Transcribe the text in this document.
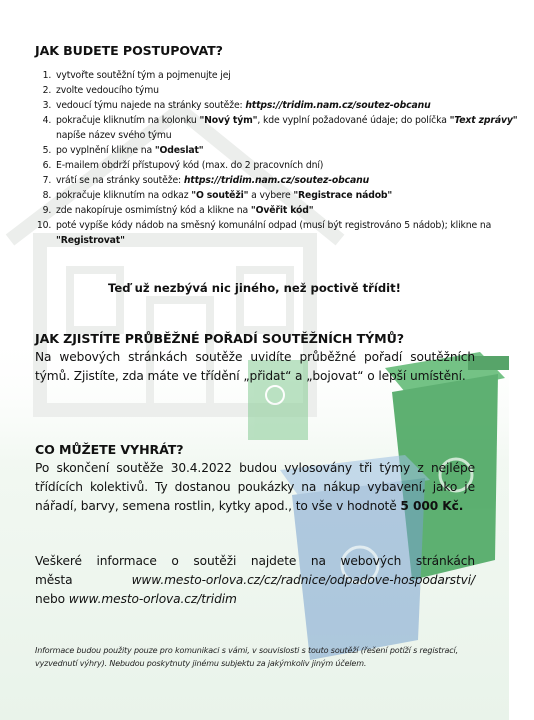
JAK BUDETE POSTUPOVAT?
1. vytvořte soutěžní tým a pojmenujte jej
2. zvolte vedoucího týmu
3. vedoucí týmu najede na stránky soutěže: https://tridim.nam.cz/soutez-obcanu
4. pokračuje kliknutím na kolonku "Nový tým", kde vyplní požadované údaje; do políčka "Text zprávy" napíše název svého týmu
5. po vyplnění klikne na "Odeslat"
6. E-mailem obdrží přístupový kód (max. do 2 pracovních dní)
7. vrátí se na stránky soutěže: https://tridim.nam.cz/soutez-obcanu
8. pokračuje kliknutím na odkaz "O soutěži" a vybere "Registrace nádob"
9. zde nakopíruje osmimístný kód a klikne na "Ověřit kód"
10. poté vypíše kódy nádob na směsný komunální odpad (musí být registrováno 5 nádob); klikne na "Registrovat"
Teď už nezbývá nic jiného, než poctivě třídit!
JAK ZJISTÍTE PRŮBĚŽNÉ POŘADÍ SOUTĚŽNÍCH TÝMŮ?
Na webových stránkách soutěže uvidíte průběžné pořadí soutěžních týmů. Zjistíte, zda máte ve třídění „přidat“ a „bojovat“ o lepší umístění.
CO MŮŽETE VYHRÁT?
Po skončení soutěže 30.4.2022 budou vylosovány tři týmy z nejlépe třídících kolektivů. Ty dostanou poukázky na nákup vybavení, jako je nářadí, barvy, semena rostlin, kytky apod., to vše v hodnotě 5 000 Kč.
Veškeré informace o soutěži najdete na webových stránkách
města	www.mesto-orlova.cz/cz/radnice/odpadove-hospodarstvi/
nebo www.mesto-orlova.cz/tridim
Informace budou použity pouze pro komunikaci s vámi, v souvislosti s touto soutěží (řešení potíží s registrací, vyzvednutí výhry). Nebudou poskytnuty jinému subjektu za jakýmkoliv jiným účelem.
